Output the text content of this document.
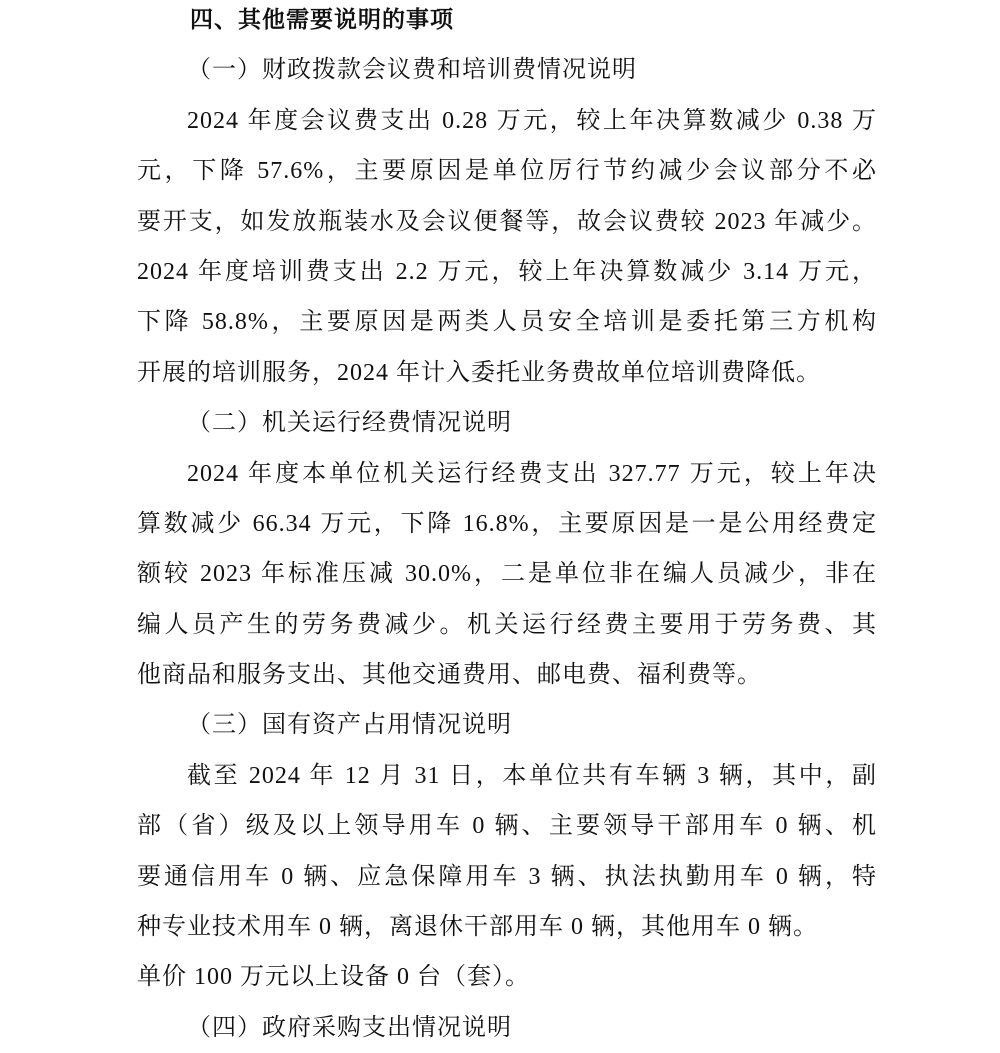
四、其他需要说明的事项
（一）财政拨款会议费和培训费情况说明
2024 年度会议费支出 0.28 万元，较上年决算数减少 0.38 万
元，下降 57.6%，主要原因是单位厉行节约减少会议部分不必
要开支，如发放瓶装水及会议便餐等，故会议费较 2023 年减少。
2024 年度培训费支出 2.2 万元，较上年决算数减少 3.14 万元，
下降 58.8%，主要原因是两类人员安全培训是委托第三方机构
开展的培训服务，2024 年计入委托业务费故单位培训费降低。
（二）机关运行经费情况说明
2024 年度本单位机关运行经费支出 327.77 万元，较上年决
算数减少 66.34 万元，下降 16.8%，主要原因是一是公用经费定
额较 2023 年标准压减 30.0%，二是单位非在编人员减少，非在
编人员产生的劳务费减少。机关运行经费主要用于劳务费、其
他商品和服务支出、其他交通费用、邮电费、福利费等。
（三）国有资产占用情况说明
截至 2024 年 12 月 31 日，本单位共有车辆 3 辆，其中，副
部（省）级及以上领导用车 0 辆、主要领导干部用车 0 辆、机
要通信用车 0 辆、应急保障用车 3 辆、执法执勤用车 0 辆，特
种专业技术用车 0 辆，离退休干部用车 0 辆，其他用车 0 辆。
单价 100 万元以上设备 0 台（套）。
（四）政府采购支出情况说明
